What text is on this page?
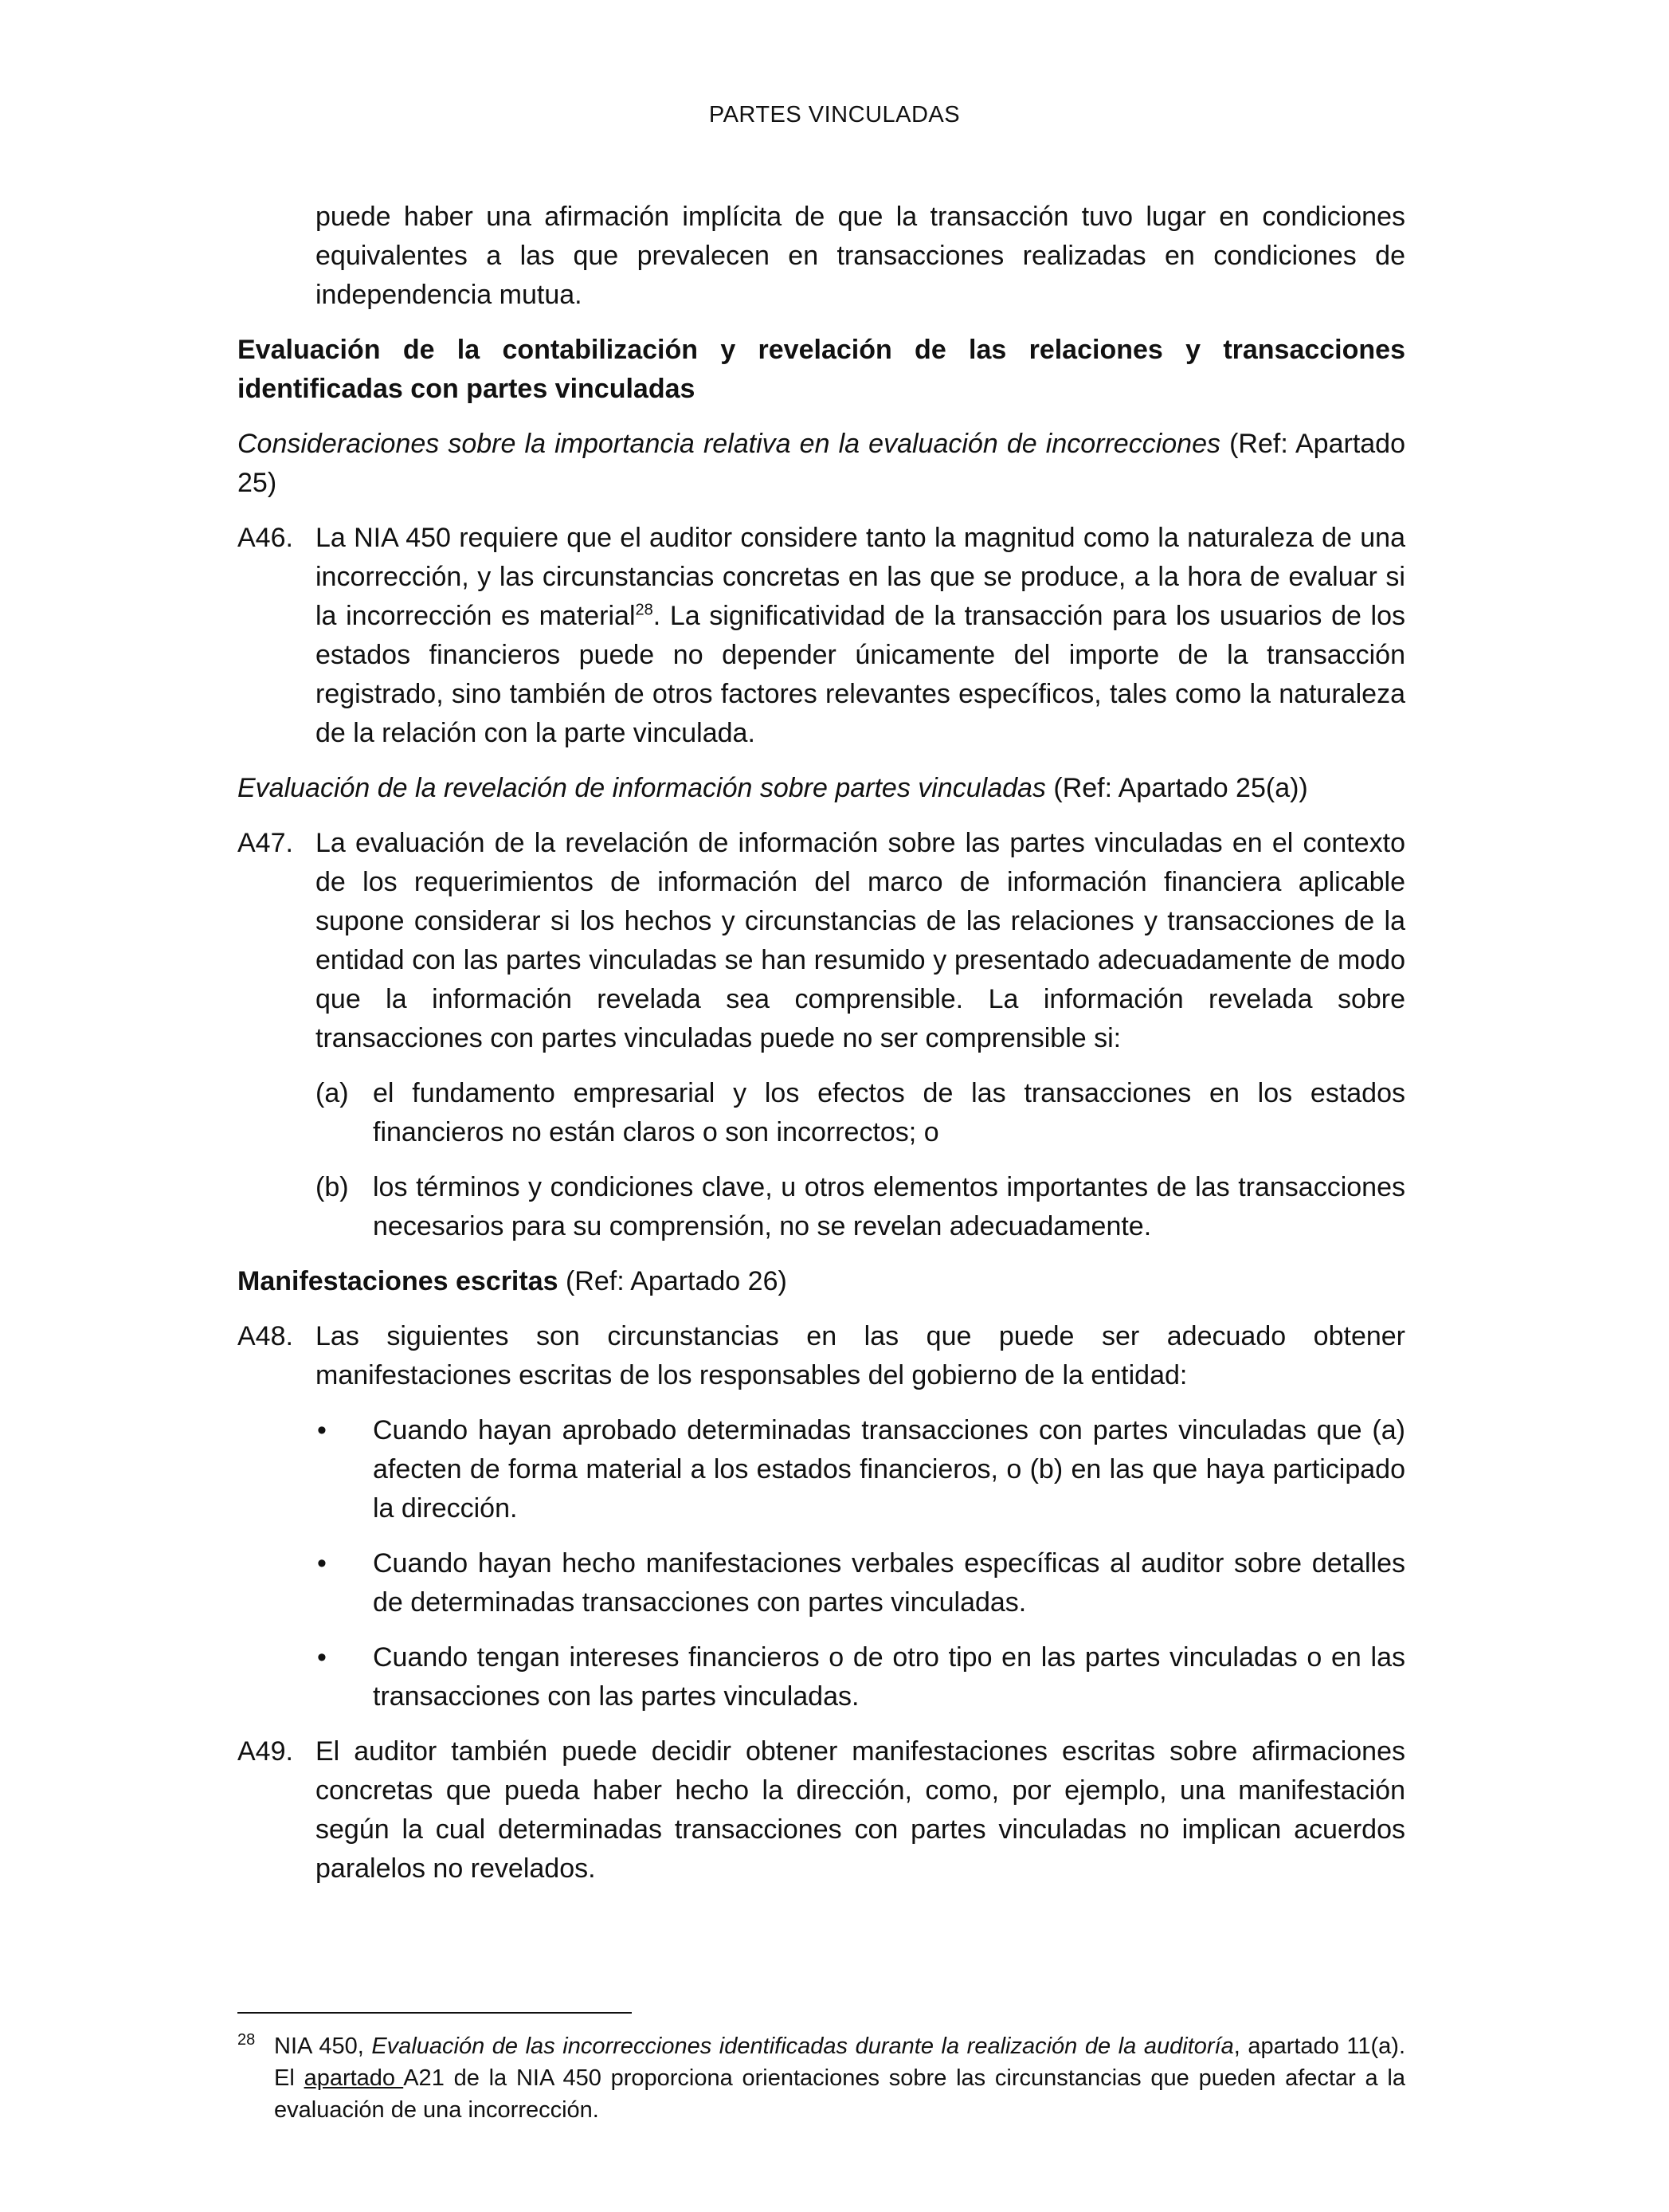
PARTES VINCULADAS

puede haber una afirmación implícita de que la transacción tuvo lugar en condiciones equivalentes a las que prevalecen en transacciones realizadas en condiciones de independencia mutua.

Evaluación de la contabilización y revelación de las relaciones y transacciones identificadas con partes vinculadas

Consideraciones sobre la importancia relativa en la evaluación de incorrecciones (Ref: Apartado 25)

A46. La NIA 450 requiere que el auditor considere tanto la magnitud como la naturaleza de una incorrección, y las circunstancias concretas en las que se produce, a la hora de evaluar si la incorrección es material$^{28}$. La significatividad de la transacción para los usuarios de los estados financieros puede no depender únicamente del importe de la transacción registrado, sino también de otros factores relevantes específicos, tales como la naturaleza de la relación con la parte vinculada.

Evaluación de la revelación de información sobre partes vinculadas (Ref: Apartado 25(a))

A47. La evaluación de la revelación de información sobre las partes vinculadas en el contexto de los requerimientos de información del marco de información financiera aplicable supone considerar si los hechos y circunstancias de las relaciones y transacciones de la entidad con las partes vinculadas se han resumido y presentado adecuadamente de modo que la información revelada sea comprensible. La información revelada sobre transacciones con partes vinculadas puede no ser comprensible si:

(a) el fundamento empresarial y los efectos de las transacciones en los estados financieros no están claros o son incorrectos; o
(b) los términos y condiciones clave, u otros elementos importantes de las transacciones necesarios para su comprensión, no se revelan adecuadamente.

Manifestaciones escritas (Ref: Apartado 26)

A48. Las siguientes son circunstancias en las que puede ser adecuado obtener manifestaciones escritas de los responsables del gobierno de la entidad:
•	Cuando hayan aprobado determinadas transacciones con partes vinculadas que (a) afecten de forma material a los estados financieros, o (b) en las que haya participado la dirección.
•	Cuando hayan hecho manifestaciones verbales específicas al auditor sobre detalles de determinadas transacciones con partes vinculadas.
•	Cuando tengan intereses financieros o de otro tipo en las partes vinculadas o en las transacciones con las partes vinculadas.
A49. El auditor también puede decidir obtener manifestaciones escritas sobre afirmaciones concretas que pueda haber hecho la dirección, como, por ejemplo, una manifestación según la cual determinadas transacciones con partes vinculadas no implican acuerdos paralelos no revelados.
28 NIA 450, Evaluación de las incorrecciones identificadas durante la realización de la auditoría, apartado 11(a). El apartado A21 de la NIA 450 proporciona orientaciones sobre las circunstancias que pueden afectar a la evaluación de una incorrección.
